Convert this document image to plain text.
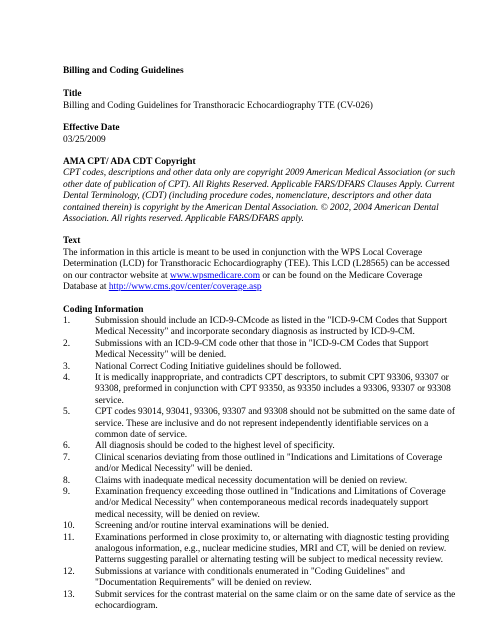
Billing and Coding Guidelines
Title
Billing and Coding Guidelines for Transthoracic Echocardiography TTE (CV-026)
Effective Date
03/25/2009
AMA CPT/ ADA CDT Copyright
CPT codes, descriptions and other data only are copyright 2009 American Medical Association (or such other date of publication of CPT). All Rights Reserved. Applicable FARS/DFARS Clauses Apply. Current Dental Terminology, (CDT) (including procedure codes, nomenclature, descriptors and other data contained therein) is copyright by the American Dental Association. © 2002, 2004 American Dental Association. All rights reserved. Applicable FARS/DFARS apply.
Text
The information in this article is meant to be used in conjunction with the WPS Local Coverage Determination (LCD) for Transthoracic Echocardiography (TEE). This LCD (L28565) can be accessed on our contractor website at www.wpsmedicare.com or can be found on the Medicare Coverage Database at http://www.cms.gov/center/coverage.asp
Coding Information
1.	Submission should include an ICD-9-CMcode as listed in the "ICD-9-CM Codes that Support Medical Necessity" and incorporate secondary diagnosis as instructed by ICD-9-CM.
2.	Submissions with an ICD-9-CM code other that those in "ICD-9-CM Codes that Support Medical Necessity" will be denied.
3.	National Correct Coding Initiative guidelines should be followed.
4.	It is medically inappropriate, and contradicts CPT descriptors, to submit CPT 93306, 93307 or 93308, preformed in conjunction with CPT 93350, as 93350 includes a 93306, 93307 or 93308 service.
5.	CPT codes 93014, 93041, 93306, 93307 and 93308 should not be submitted on the same date of service. These are inclusive and do not represent independently identifiable services on a common date of service.
6.	All diagnosis should be coded to the highest level of specificity.
7.	Clinical scenarios deviating from those outlined in "Indications and Limitations of Coverage and/or Medical Necessity" will be denied.
8.	Claims with inadequate medical necessity documentation will be denied on review.
9.	Examination frequency exceeding those outlined in "Indications and Limitations of Coverage and/or Medical Necessity" when contemporaneous medical records inadequately support medical necessity, will be denied on review.
10.	Screening and/or routine interval examinations will be denied.
11.	Examinations performed in close proximity to, or alternating with diagnostic testing providing analogous information, e.g., nuclear medicine studies, MRI and CT, will be denied on review. Patterns suggesting parallel or alternating testing will be subject to medical necessity review.
12.	Submissions at variance with conditionals enumerated in "Coding Guidelines" and "Documentation Requirements" will be denied on review.
13.	Submit services for the contrast material on the same claim or on the same date of service as the echocardiogram.
